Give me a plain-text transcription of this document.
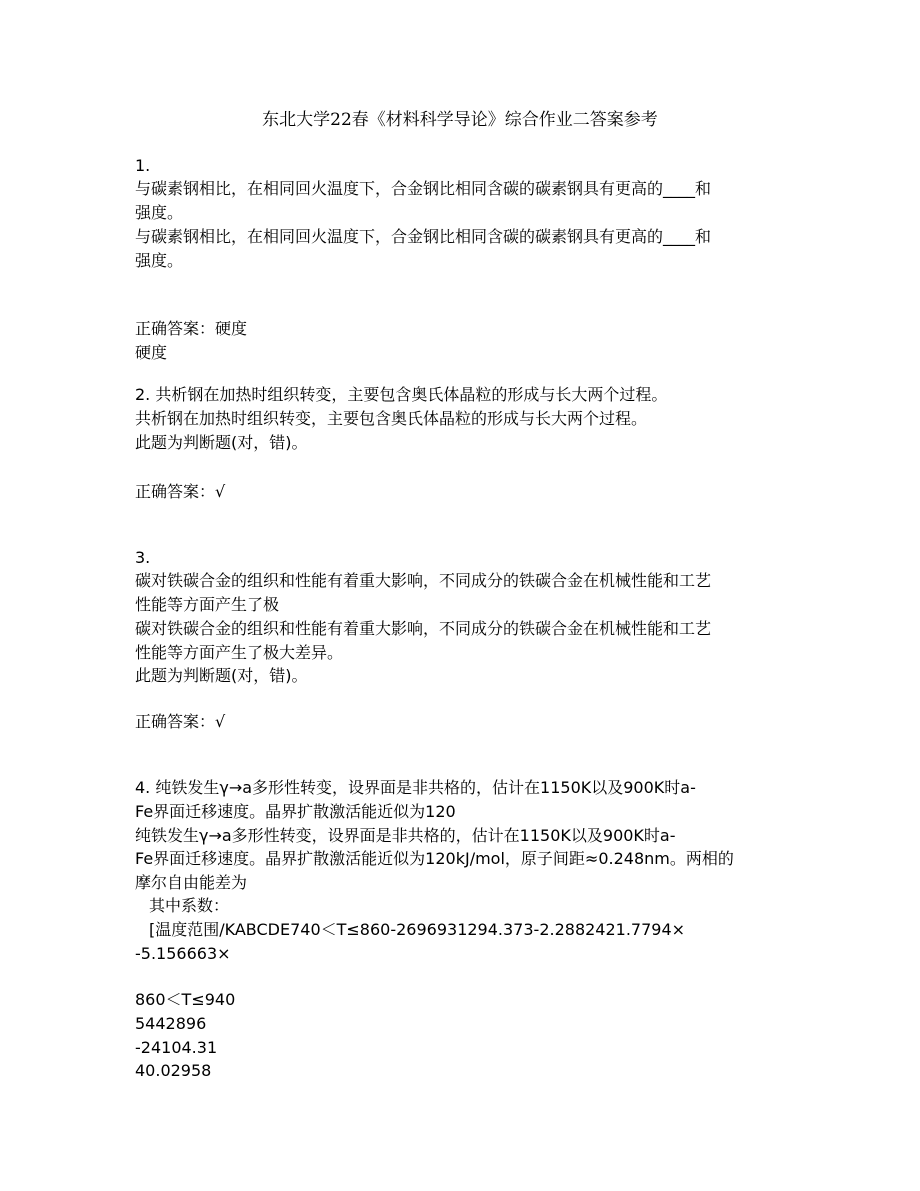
东北大学22春《材料科学导论》综合作业二答案参考
1.
与碳素钢相比，在相同回火温度下，合金钢比相同含碳的碳素钢具有更高的____和
强度。
与碳素钢相比，在相同回火温度下，合金钢比相同含碳的碳素钢具有更高的____和
强度。
正确答案：硬度
硬度
2. 共析钢在加热时组织转变，主要包含奥氏体晶粒的形成与长大两个过程。
共析钢在加热时组织转变，主要包含奥氏体晶粒的形成与长大两个过程。
此题为判断题(对，错)。
正确答案：√
3.
碳对铁碳合金的组织和性能有着重大影响，不同成分的铁碳合金在机械性能和工艺
性能等方面产生了极
碳对铁碳合金的组织和性能有着重大影响，不同成分的铁碳合金在机械性能和工艺
性能等方面产生了极大差异。
此题为判断题(对，错)。
正确答案：√
4. 纯铁发生γ→a多形性转变，设界面是非共格的，估计在1150K以及900K时a-
Fe界面迁移速度。晶界扩散激活能近似为120
纯铁发生γ→a多形性转变，设界面是非共格的，估计在1150K以及900K时a-
Fe界面迁移速度。晶界扩散激活能近似为120kJ/mol，原子间距≈0.248nm。两相的
摩尔自由能差为
其中系数：
[温度范围/KABCDE740＜T≤860-2696931294.373-2.2882421.7794×
-5.156663×
860＜T≤940
5442896
-24104.31
40.02958
